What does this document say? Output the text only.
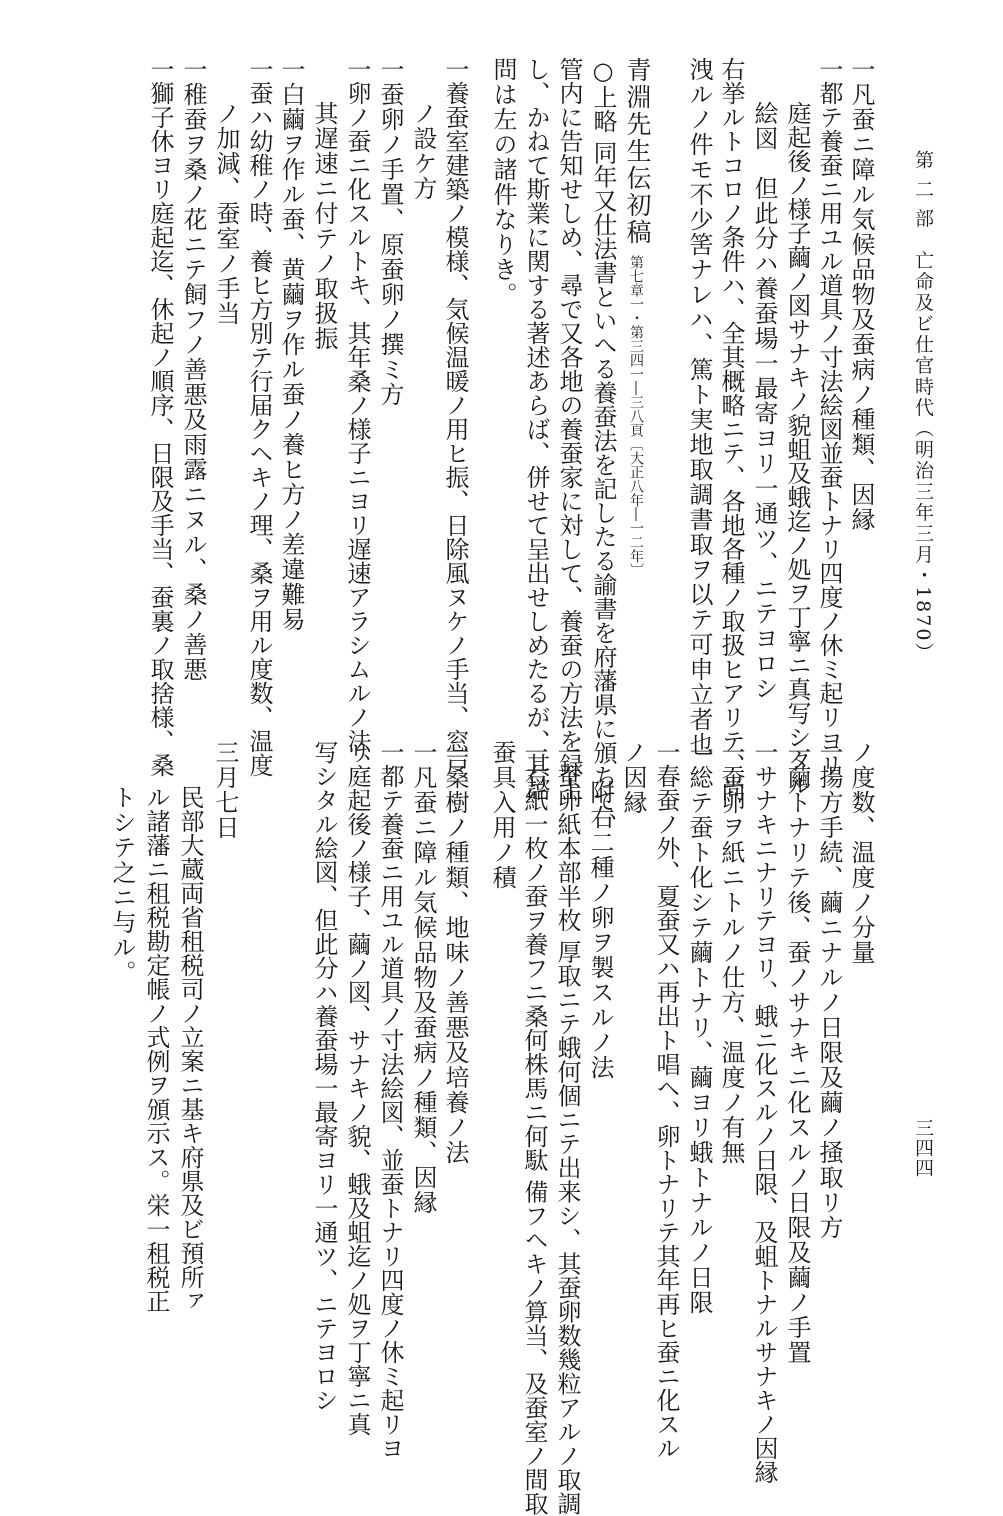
第 二 部　亡命及ビ仕官時代（明治三年三月・1870）
三四四
一凡蚕ニ障ル気候品物及蚕病ノ種類、因縁
一都テ養蚕ニ用ユル道具ノ寸法絵図並蚕トナリ四度ノ休ミ起リヨリ
庭起後ノ様子繭ノ図サナキノ貌蛆及蛾迄ノ処ヲ丁寧ニ真写シタル
絵図　但此分ハ養蚕場一最寄ヨリ一通ツ、ニテヨロシ
右挙ルトコロノ条件ハ、全其概略ニテ、各地各種ノ取扱ヒアリテ、尚
洩ルノ件モ不少筈ナレハ、篤ト実地取調書取ヲ以テ可申立者也
青淵先生伝初稿
第七章一・第三四一―三八頁〔大正八年―一二年〕
○上略 同年又仕法書といへる養蚕法を記したる諭書を府藩県に頒ちて、
管内に告知せしめ、尋で又各地の養蚕家に対して、養蚕の方法を録上
し、かねて斯業に関する著述あらば、併せて呈出せしめたるが、其諮
問は左の諸件なりき。
一養蚕室建築ノ模様、気候温暖ノ用ヒ振、日除風ヌケノ手当、窓戸
ノ設ケ方
一蚕卵ノ手置、原蚕卵ノ撰ミ方
一卵ノ蚕ニ化スルトキ、其年桑ノ様子ニヨリ遅速アラシムルノ法、
其遅速ニ付テノ取扱振
一白繭ヲ作ル蚕、黄繭ヲ作ル蚕ノ養ヒ方ノ差違難易
一蚕ハ幼稚ノ時、養ヒ方別テ行届クヘキノ理、桑ヲ用ル度数、温度
ノ加減、蚕室ノ手当
一稚蚕ヲ桑ノ花ニテ飼フノ善悪及雨露ニヌル、桑ノ善悪
一獅子休ヨリ庭起迄、休起ノ順序、日限及手当、蚕裏ノ取捨様、桑
ノ度数、温度ノ分量
一揚方手続、繭ニナルノ日限及繭ノ掻取リ方
一繭トナリテ後、蚕ノサナキニ化スルノ日限及繭ノ手置
一サナキニナリテヨリ、蛾ニ化スルノ日限、及蛆トナルサナキノ因縁
一蚕卵ヲ紙ニトルノ仕方、温度ノ有無
一総テ蚕ト化シテ繭トナリ、繭ヨリ蛾トナルノ日限
一春蚕ノ外、夏蚕又ハ再出ト唱ヘ、卵トナリテ其年再ヒ蚕ニ化スル
ノ因縁
附右二種ノ卵ヲ製スルノ法
一蚕卵紙本部半枚 厚取ニテ蛾何個ニテ出来シ、其蚕卵数幾粒アルノ取調
一右紙一枚ノ蚕ヲ養フニ桑何株馬ニ何駄 備フヘキノ算当、及蚕室ノ間取
蚕具入用ノ積
一桑樹ノ種類、地味ノ善悪及培養ノ法
一凡蚕ニ障ル気候品物及蚕病ノ種類、因縁
一都テ養蚕ニ用ユル道具ノ寸法絵図、並蚕トナリ四度ノ休ミ起リヨ
リ庭起後ノ様子、繭ノ図、サナキノ貌、蛾及蛆迄ノ処ヲ丁寧ニ真
写シタル絵図、但此分ハ養蚕場一最寄ヨリ一通ツ、ニテヨロシ
三月七日
民部大蔵両省租税司ノ立案ニ基キ府県及ビ預所ァ
ル諸藩ニ租税勘定帳ノ式例ヲ頒示ス。栄一租税正
トシテ之ニ与ル。
